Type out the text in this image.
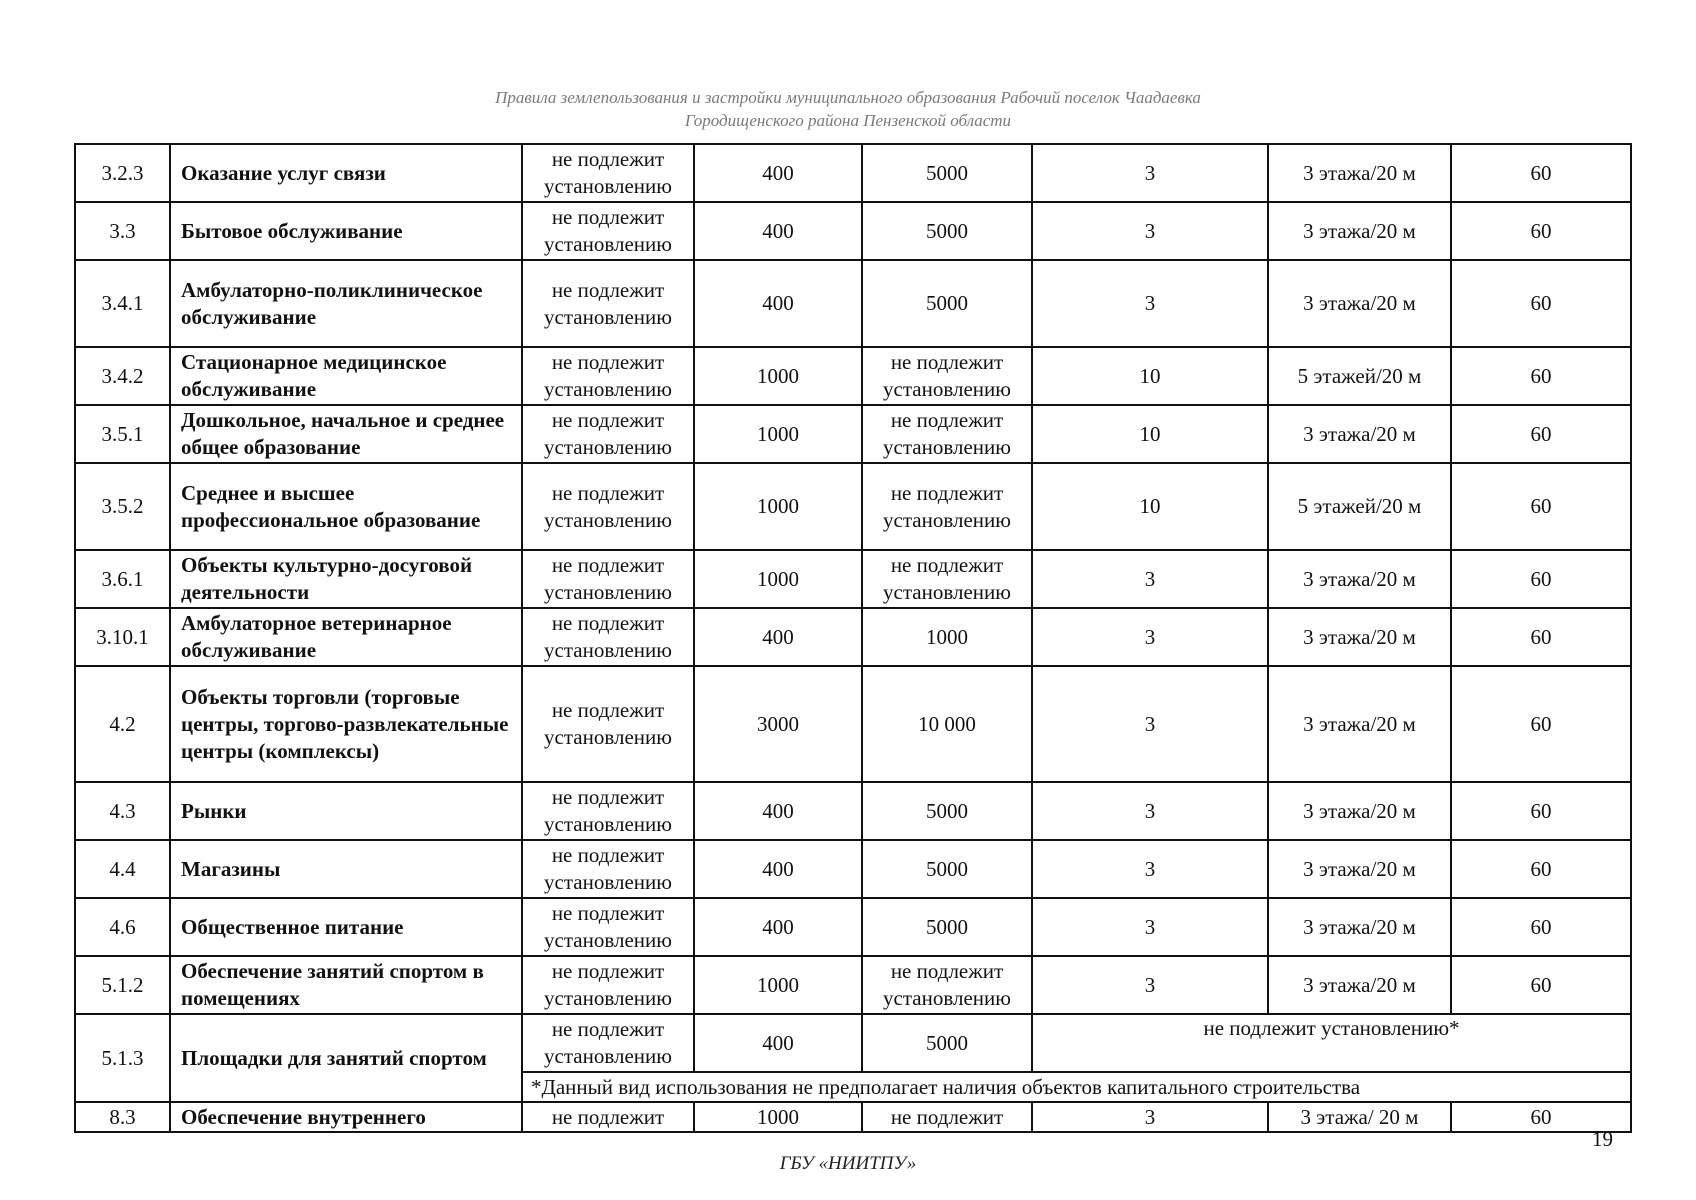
Правила землепользования и застройки муниципального образования Рабочий поселок Чаадаевка
Городищенского района Пензенской области
3.2.3	Оказание услуг связи	не подлежит установлению	400	5000	3	3 этажа/20 м	60
3.3	Бытовое обслуживание	не подлежит установлению	400	5000	3	3 этажа/20 м	60
3.4.1	Амбулаторно-поликлиническое обслуживание	не подлежит установлению	400	5000	3	3 этажа/20 м	60
3.4.2	Стационарное медицинское обслуживание	не подлежит установлению	1000	не подлежит установлению	10	5 этажей/20 м	60
3.5.1	Дошкольное, начальное и среднее общее образование	не подлежит установлению	1000	не подлежит установлению	10	3 этажа/20 м	60
3.5.2	Среднее и высшее профессиональное образование	не подлежит установлению	1000	не подлежит установлению	10	5 этажей/20 м	60
3.6.1	Объекты культурно-досуговой деятельности	не подлежит установлению	1000	не подлежит установлению	3	3 этажа/20 м	60
3.10.1	Амбулаторное ветеринарное обслуживание	не подлежит установлению	400	1000	3	3 этажа/20 м	60
4.2	Объекты торговли (торговые центры, торгово-развлекательные центры (комплексы)	не подлежит установлению	3000	10 000	3	3 этажа/20 м	60
4.3	Рынки	не подлежит установлению	400	5000	3	3 этажа/20 м	60
4.4	Магазины	не подлежит установлению	400	5000	3	3 этажа/20 м	60
4.6	Общественное питание	не подлежит установлению	400	5000	3	3 этажа/20 м	60
5.1.2	Обеспечение занятий спортом в помещениях	не подлежит установлению	1000	не подлежит установлению	3	3 этажа/20 м	60
5.1.3	Площадки для занятий спортом	не подлежит установлению	400	5000	не подлежит установлению*		
		*Данный вид использования не предполагает наличия объектов капитального строительства					
8.3	Обеспечение внутреннего	не подлежит	1000	не подлежит	3	3 этажа/ 20 м	60
19
ГБУ «НИИТПУ»
